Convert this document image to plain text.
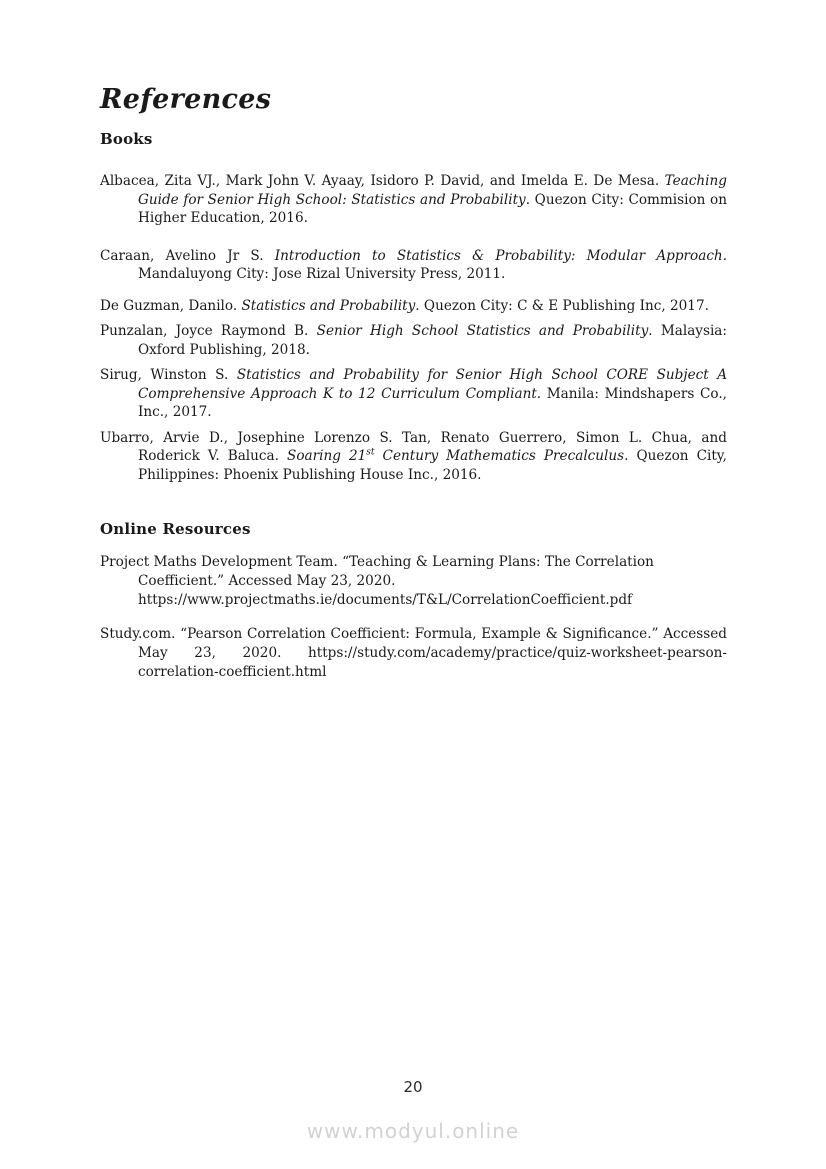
References
Books

Albacea, Zita VJ., Mark John V. Ayaay, Isidoro P. David, and Imelda E. De Mesa. Teaching Guide for Senior High School: Statistics and Probability. Quezon City: Commision on Higher Education, 2016.

Caraan, Avelino Jr S. Introduction to Statistics & Probability: Modular Approach. Mandaluyong City: Jose Rizal University Press, 2011.

De Guzman, Danilo. Statistics and Probability. Quezon City: C & E Publishing Inc, 2017.

Punzalan, Joyce Raymond B. Senior High School Statistics and Probability. Malaysia: Oxford Publishing, 2018.

Sirug, Winston S. Statistics and Probability for Senior High School CORE Subject A Comprehensive Approach K to 12 Curriculum Compliant. Manila: Mindshapers Co., Inc., 2017.

Ubarro, Arvie D., Josephine Lorenzo S. Tan, Renato Guerrero, Simon L. Chua, and Roderick V. Baluca. Soaring 21st Century Mathematics Precalculus. Quezon City, Philippines: Phoenix Publishing House Inc., 2016.

Online Resources

Project Maths Development Team. “Teaching & Learning Plans: The Correlation
Coefficient.” Accessed May 23, 2020.
https://www.projectmaths.ie/documents/T&L/CorrelationCoefficient.pdf

Study.com. “Pearson Correlation Coefficient: Formula, Example & Significance.” Accessed May 23, 2020. https://study.com/academy/practice/quiz-worksheet-pearson-correlation-coefficient.html

20
www.modyul.online
